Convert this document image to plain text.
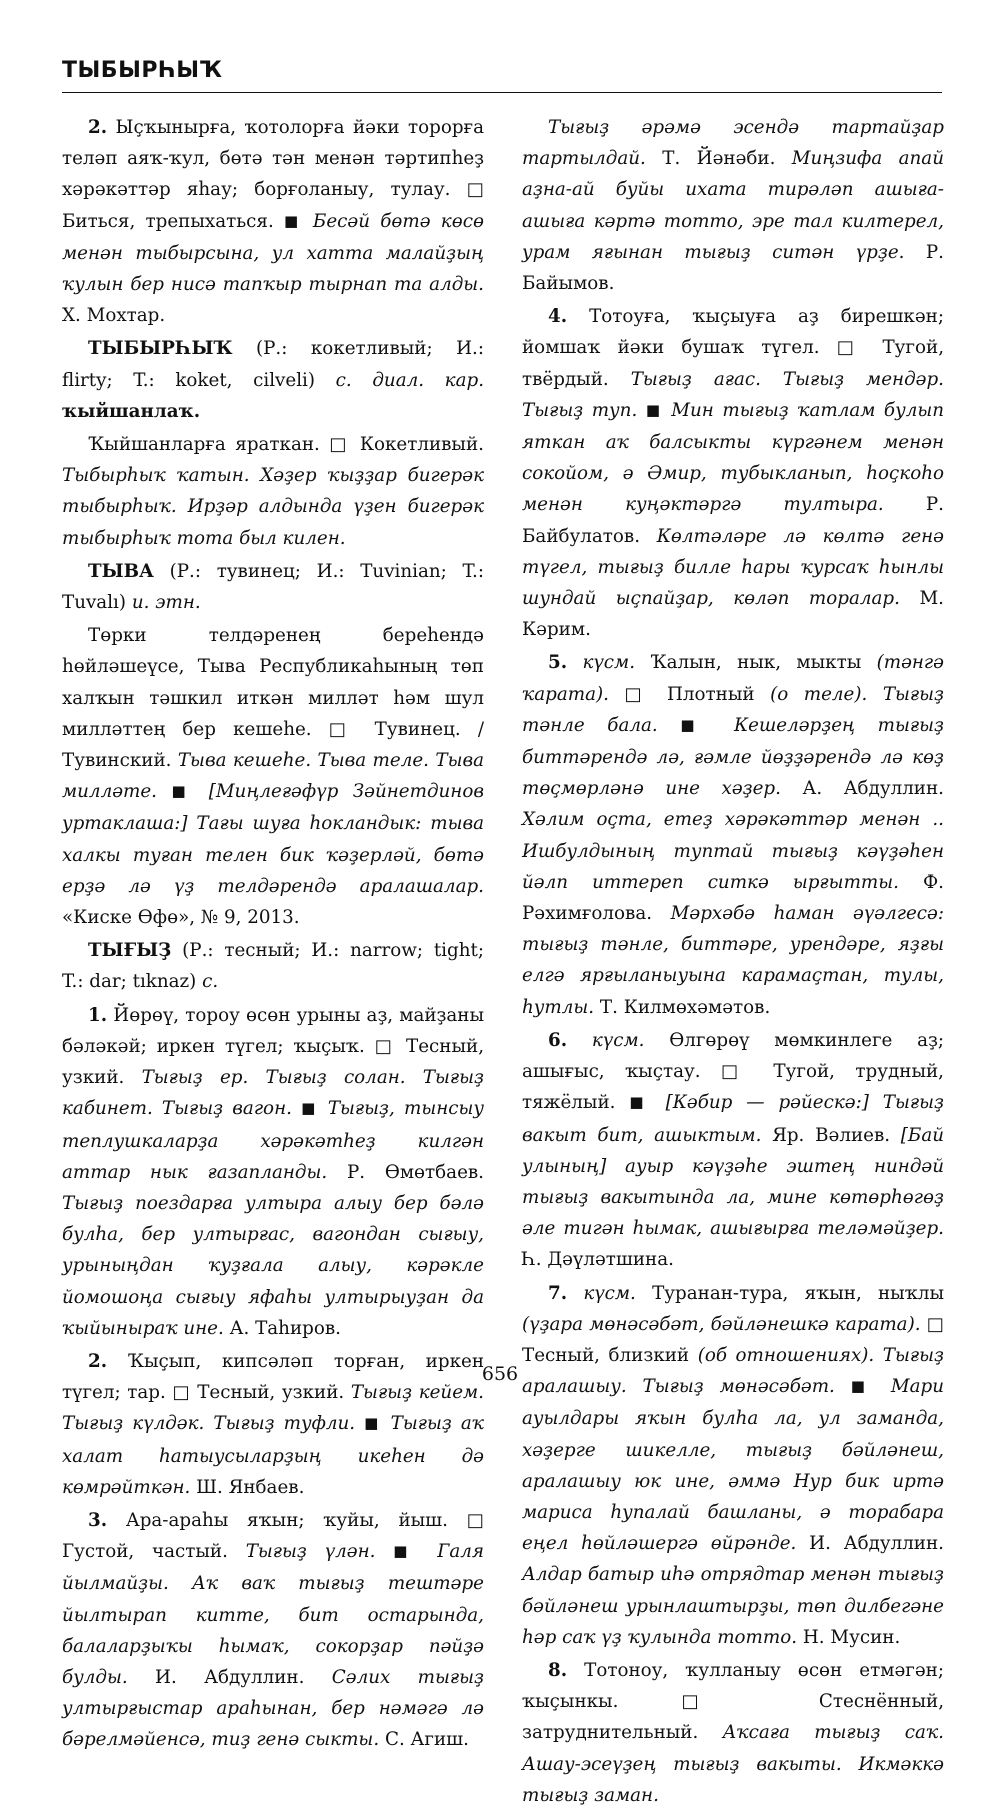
ТЫБЫРҺЫҠ

2. Ыҫҡынырға, ҡотолорға йәки торорға теләп аяҡ-ҡул, бөтә тән менән тәртипһеҙ хәрәкәттәр яһау; борғоланыу, тулау. □ Биться, трепыхаться. ■ Бесәй бөтә көсө менән тыбырсына, ул хатта малайҙың ҡулын бер нисә тапҡыр тырнап та алды. Х. Мохтар.

ТЫБЫРҺЫҠ (Р.: кокетливый; И.: flirty; T.: koket, cilveli) с. диал. кар. ҡыйшанлаҡ.

Ҡыйшанларға яраткан. □ Кокетливый. Тыбырһыҡ ҡатын. Хәҙер ҡыҙҙар бигерәк тыбырһыҡ. Ирҙәр алдында үҙен бигерәк тыбырһыҡ тота был килен.

ТЫВА (Р.: тувинец; И.: Tuvinian; T.: Tuvalı) и. этн.

Төрки телдәренең береһендә һөйләшеүсе, Тыва Республикаһының төп халҡын тәшкил иткән милләт һәм шул милләттең бер кешеһе. □ Тувинец. / Тувинский. Тыва кешеһе. Тыва теле. Тыва милләте. ■ [Миңлеғәфүр Зәйнетдинов уртаклаша:] Тағы шуға һокландык: тыва халкы туған телен бик ҡәҙерләй, бөтә ерҙә лә үҙ телдәрендә аралашалар. «Киске Өфө», № 9, 2013.

ТЫҒЫҘ (Р.: тесный; И.: narrow; tight; T.: dar; tıknaz) с.

1. Йөрөү, тороу өсөн урыны аҙ, майҙаны бәләкәй; иркен түгел; ҡыҫыҡ. □ Тесный, узкий. Тығыҙ ер. Тығыҙ солан. Тығыҙ кабинет. Тығыҙ вагон. ■ Тығыҙ, тынсыу теплушкаларҙа хәрәкәтһеҙ килгән аттар нык ғазапланды. Р. Өмөтбаев. Тығыҙ поездарға ултыра алыу бер бәлә булһа, бер ултырғас, вагондан сығыу, урыныңдан ҡуҙғала алыу, кәрәкле йомошоңа сығыу яфаһы ултырыуҙан да ҡыйыныраҡ ине. А. Таһиров.

2. Ҡыҫып, кипсәләп торған, иркен түгел; тар. □ Тесный, узкий. Тығыҙ кейем. Тығыҙ күлдәк. Тығыҙ туфли. ■ Тығыҙ аҡ халат һатыусыларҙың икеһен дә көмрәйткән. Ш. Янбаев.

3. Ара-араһы яҡын; ҡуйы, йыш. □ Густой, частый. Тығыҙ үлән. ■ Галя йылмайҙы. Аҡ ваҡ тығыҙ тештәре йылтырап китте, бит остарында, балаларҙыҡы һымаҡ, сокорҙар пәйҙә булды. И. Абдуллин. Сәлих тығыҙ ултырғыстар араһынан, бер нәмәгә лә бәрелмәйенсә, тиҙ генә сыкты. С. Агиш.

Тығыҙ әрәмә эсендә тартайҙар тартылдай. Т. Йәнәби. Миңзифа апай аҙна-ай буйы ихата тирәләп ашыға-ашыға кәртә тотто, эре тал килтерел, урам яғынан тығыҙ ситән үрҙе. Р. Байымов.

4. Тотоуға, ҡыҫыуға аҙ бирешкән; йомшаҡ йәки бушаҡ түгел. □ Тугой, твёрдый. Тығыҙ ағас. Тығыҙ мендәр. Тығыҙ туп. ■ Мин тығыҙ ҡатлам булып яткан аҡ балсыкты күргәнем менән сокойом, ә Әмир, тубыкланып, һоҫкоһо менән куңәктәргә тултыра. Р. Байбулатов. Көлтәләре лә көлтә генә түгел, тығыҙ билле һары ҡурсаҡ һынлы шундай ыҫпайҙар, көләп торалар. М. Кәрим.

5. күсм. Ҡалын, нык, мыкты (тәнгә ҡарата). □ Плотный (о теле). Тығыҙ тәнле бала. ■ Кешеләрҙең тығыҙ биттәрендә лә, ғәмле йөҙҙәрендә лә көҙ төҫмөрләнә ине хәҙер. А. Абдуллин. Хәлим оҫта, етеҙ хәрәкәттәр менән .. Ишбулдының туптай тығыҙ кәүҙәһен йәлп иттереп ситкә ырғытты. Ф. Рәхимғолова. Мәрхәбә һаман әүәлгесә: тығыҙ тәнле, биттәре, урендәре, яҙғы елгә ярғыланыуына карамаҫтан, тулы, һутлы. Т. Килмөхәмәтов.

6. күсм. Өлгөрөү мөмкинлеге аҙ; ашығыс, ҡыҫтау. □ Тугой, трудный, тяжёлый. ■ [Кәбир — рәйескә:] Тығыҙ вакыт бит, ашыктым. Яр. Вәлиев. [Бай улының] ауыр кәүҙәһе эштең ниндәй тығыҙ вакытында ла, мине көтөрһөгөҙ әле тигән һымак, ашығырға теләмәйҙер. Һ. Дәүләтшина.

7. күсм. Туранан-тура, яҡын, ныҡлы (үҙара мөнәсәбәт, бәйләнешкә карата). □ Тесный, близкий (об отношениях). Тығыҙ аралашыу. Тығыҙ мөнәсәбәт. ■ Мари ауылдары яҡын булһа ла, ул заманда, хәҙерге шикелле, тығыҙ бәйләнеш, аралашыу юк ине, әммә Нур бик иртә мариса һупалай башланы, ә торабара еңел һөйләшергә өйрәнде. И. Абдуллин. Алдар батыр иһә отрядтар менән тығыҙ бәйләнеш урынлаштырҙы, төп дилбегәне һәр саҡ үҙ ҡулында тотто. Н. Мусин.

8. Тотоноу, ҡулланыу өсөн етмәгән; ҡыҫынкы. □ Стеснённый, затруднительный. Аҡсаға тығыҙ саҡ. Ашау-эсеүҙең тығыҙ вакыты. Икмәккә тығыҙ заман.

656
